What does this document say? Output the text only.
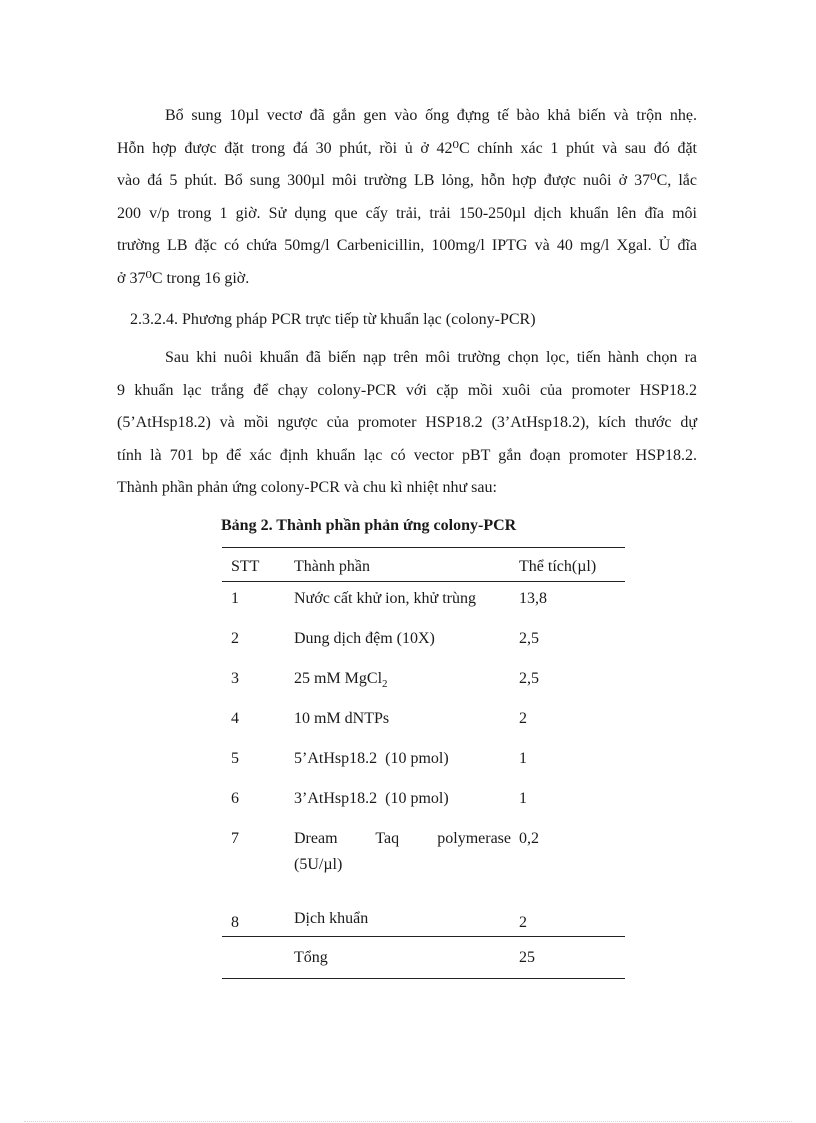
Bổ sung 10µl vectơ đã gắn gen vào ống đựng tế bào khả biến và trộn nhẹ.
Hỗn hợp được đặt trong đá 30 phút, rồi ủ ở 42⁰C chính xác 1 phút và sau đó đặt
vào đá 5 phút. Bổ sung 300µl môi trường LB lỏng, hỗn hợp được nuôi ở 37⁰C, lắc
200 v/p trong 1 giờ. Sử dụng que cấy trải, trải 150-250µl dịch khuẩn lên đĩa môi
trường LB đặc có chứa 50mg/l Carbenicillin, 100mg/l IPTG và 40 mg/l Xgal. Ủ đĩa
ở 37⁰C trong 16 giờ.

2.3.2.4. Phương pháp PCR trực tiếp từ khuẩn lạc (colony-PCR)

Sau khi nuôi khuẩn đã biến nạp trên môi trường chọn lọc, tiến hành chọn ra
9 khuẩn lạc trắng để chạy colony-PCR với cặp mồi xuôi của promoter HSP18.2
(5’AtHsp18.2) và mồi ngược của promoter HSP18.2 (3’AtHsp18.2), kích thước dự
tính là 701 bp để xác định khuẩn lạc có vector pBT gắn đoạn promoter HSP18.2.
Thành phần phản ứng colony-PCR và chu kì nhiệt như sau:

Bảng 2. Thành phần phản ứng colony-PCR

STT	Thành phần	Thể tích(µl)
1	Nước cất khử ion, khử trùng	13,8
2	Dung dịch đệm (10X)	2,5
3	25 mM MgCl$_2$	2,5
4	10 mM dNTPs	2
5	5’AtHsp18.2  (10 pmol)	1
6	3’AtHsp18.2  (10 pmol)	1
7	Dream Taq polymerase
(5U/µl)	0,2
8	Dịch khuẩn	2
	Tổng	25
